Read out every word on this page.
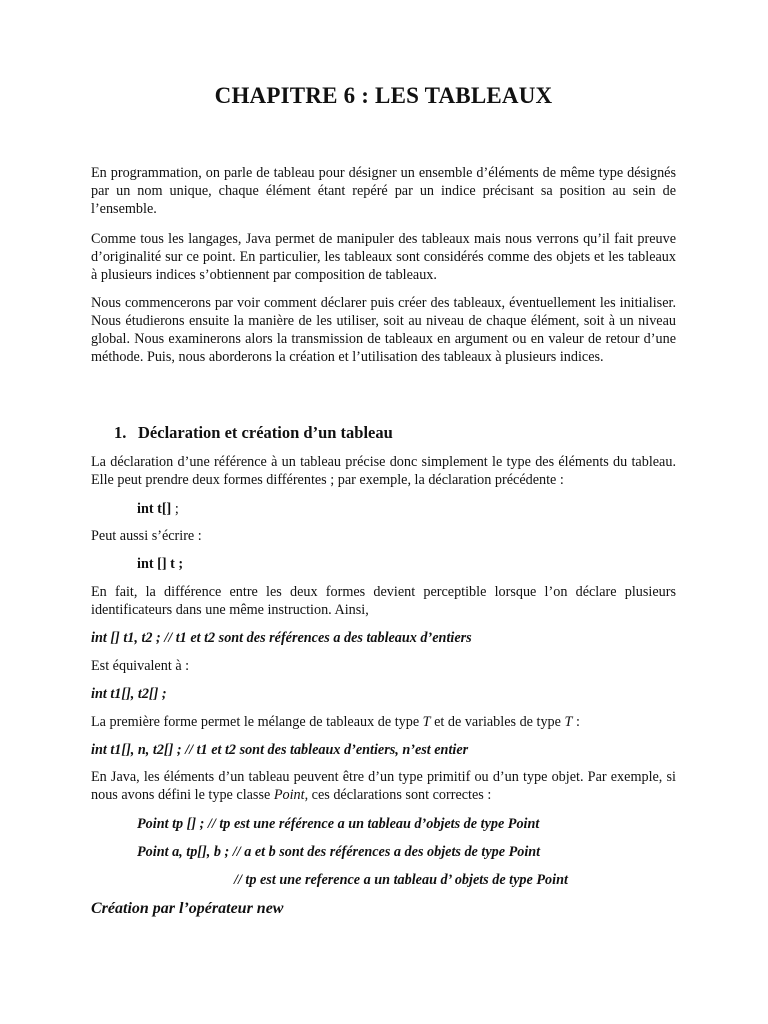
CHAPITRE 6 : LES TABLEAUX

En programmation, on parle de tableau pour désigner un ensemble d’éléments de même type désignés par un nom unique, chaque élément étant repéré par un indice précisant sa position au sein de l’ensemble.

Comme tous les langages, Java permet de manipuler des tableaux mais nous verrons qu’il fait preuve d’originalité sur ce point. En particulier, les tableaux sont considérés comme des objets et les tableaux à plusieurs indices s’obtiennent par composition de tableaux.

Nous commencerons par voir comment déclarer puis créer des tableaux, éventuellement les initialiser. Nous étudierons ensuite la manière de les utiliser, soit au niveau de chaque élément, soit à un niveau global. Nous examinerons alors la transmission de tableaux en argument ou en valeur de retour d’une méthode. Puis, nous aborderons la création et l’utilisation des tableaux à plusieurs indices.

1. Déclaration et création d’un tableau

La déclaration d’une référence à un tableau précise donc simplement le type des éléments du tableau. Elle peut prendre deux formes différentes ; par exemple, la déclaration précédente :

int t[] ;

Peut aussi s’écrire :

int [] t ;

En fait, la différence entre les deux formes devient perceptible lorsque l’on déclare plusieurs identificateurs dans une même instruction. Ainsi,

int [] t1, t2 ; // t1 et t2 sont des références a des tableaux d’entiers

Est équivalent à :

int t1[], t2[] ;

La première forme permet le mélange de tableaux de type T et de variables de type T :

int t1[], n, t2[] ; // t1 et t2 sont des tableaux d’entiers, n’est entier

En Java, les éléments d’un tableau peuvent être d’un type primitif ou d’un type objet. Par exemple, si nous avons défini le type classe Point, ces déclarations sont correctes :

Point tp [] ; // tp est une référence a un tableau d’objets de type Point

Point a, tp[], b ; // a et b sont des références a des objets de type Point

// tp est une reference a un tableau d’ objets de type Point

Création par l’opérateur new
